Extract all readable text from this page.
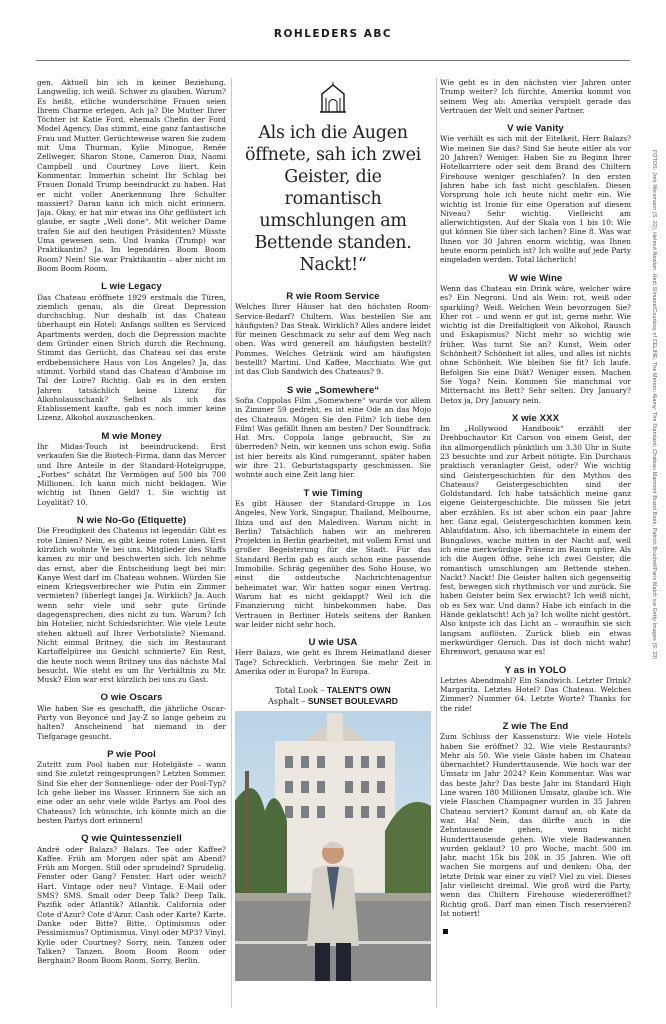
ROHLEDERS ABC

gen. Aktuell bin ich in keiner Beziehung. Langweilig, ich weiß. Schwer zu glauben. Warum? Es heißt, etliche wunderschöne Frauen seien Ihrem Charme erlegen. Ach ja? Die Mutter Ihrer Töchter ist Katie Ford, ehemals Chefin der Ford Model Agency. Das stimmt, eine ganz fantastische Frau und Mutter. Gerüchteweise waren Sie zudem mit Uma Thurman, Kylie Minogue, Renée Zellweger, Sharon Stone, Cameron Diaz, Naomi Campbell und Courtney Love liiert. Kein Kommentar. Immerhin scheint Ihr Schlag bei Frauen Donald Trump beeindruckt zu haben. Hat er nicht voller Anerkennung Ihre Schulter massiert? Daran kann ich mich nicht erinnern. Jaja. Okay, er hat mir etwas ins Ohr geflüstert ich glaube, er sagte „Well done“. Mit welcher Dame trafen Sie auf den heutigen Präsidenten? Müsste Uma gewesen sein. Und Ivanka (Trump) war Praktikantin? Ja. Im legendären Boom Boom Room? Nein! Sie war Praktikantin – aber nicht im Boom Boom Room.

L wie Legacy
Das Chateau eröffnete 1929 erstmals die Türen, ziemlich genau, als die Great Depression durchschlug. Nur deshalb ist das Chateau überhaupt ein Hotel: Anfangs sollten es Serviced Apartments werden, doch die Depression machte dem Gründer einen Strich durch die Rechnung. Stimmt das Gerücht, das Chateau sei das erste erdbebensichere Haus von Los Angeles? Ja, das stimmt. Vorbild stand das Chateau d'Amboise im Tal der Loire? Richtig. Gab es in den ersten Jahren tatsächlich keine Lizenz für Alkoholausschank? Selbst als ich das Etablissement kaufte, gab es noch immer keine Lizenz, Alkohol auszuschenken.
M wie Money
Ihr Midas-Touch ist beeindruckend: Erst verkaufen Sie die Biotech-Firma, dann das Mercer und Ihre Anteile in der Standard-Hotelgruppe, „Forbes“ schätzt Ihr Vermögen auf 500 bis 700 Millionen. Ich kann mich nicht beklagen. Wie wichtig ist Ihnen Geld? 1. Sie wichtig ist Loyalität? 10.
N wie No-Go (Etiquette)
Die Freudigkeit des Chateaus ist legendär: Gibt es rote Linien? Nein, es gibt keine roten Linien. Erst kürzlich wohnte Ye bei uns. Mitglieder des Staffs kamen zu mir und beschwerten sich. Ich nehme das ernst, aber die Entscheidung liegt bei mir: Kanye West darf im Chateau wohnen. Würden Sie einem Kriegsverbrecher wie Putin ein Zimmer vermieten? (überlegt lange) Ja. Wirklich? Ja. Auch wenn sehr viele und sehr gute Gründe dagegensprechen, dies nicht zu tun. Warum? Ich bin Hotelier, nicht Schiedsrichter. Wie viele Leute stehen aktuell auf Ihrer Verbotsliste? Niemand. Nicht einmal Britney, die sich im Restaurant Kartoffelpüree ins Gesicht schmierte? Ein Rest, die heute noch wenn Britney uns das nächste Mal besucht. Wie steht es um Ihr Verhältnis zu Mr. Musk? Elon war erst kürzlich bei uns zu Gast.
O wie Oscars
Wie haben Sie es geschafft, die jährliche Oscar-Party von Beyoncé und Jay-Z so lange geheim zu halten? Anscheinend hat niemand in der Tiefgarage gesucht.
P wie Pool
Zutritt zum Pool haben nur Hotelgäste – wann sind Sie zuletzt reingesprungen? Letzten Sommer. Sind Sie eher der Sonnenliege- oder der Pool-Typ? Ich gehe lieber ins Wasser. Erinnern Sie sich an eine oder an sehr viele wilde Partys am Pool des Chateaus? Ich wünschte, ich könnte mich an die besten Partys dort erinnern!
Q wie Quintessenziell
André oder Balazs? Balazs. Tee oder Kaffee? Kaffee. Früh am Morgen oder spät am Abend? Früh am Morgen. Still oder sprudelnd? Sprudelig. Fenster oder Gang? Fenster. Hart oder weich? Hart. Vintage oder neu? Vintage. E-Mail oder SMS? SMS. Small oder Deep Talk? Deep Talk. Pazifik oder Atlantik? Atlantik. California oder Cote d'Azur? Cote d'Azur. Cash oder Karte? Karte. Danke oder Bitte? Bitte. Optimismus oder Pessimismus? Optimismus. Vinyl oder MP3? Vinyl. Kylie oder Courtney? Sorry, nein. Tanzen oder Talken? Tanzen. Boom Boom Room oder Berghain? Boom Boom Room. Sorry, Berlin.

Als ich die Augen öffnete, sah ich zwei Geister, die romantisch umschlungen am Bettende standen. Nackt!“

R wie Room Service
Welches Ihrer Häuser hat den höchsten Room-Service-Bedarf? Chiltern. Was bestellen Sie am häufigsten? Das Steak. Wirklich? Alles andere leidet für meinen Geschmack zu sehr auf dem Weg nach oben. Was wird generell am häufigsten bestellt? Pommes. Welches Getränk wird am häufigsten bestellt? Martini. Und Kaffee, Macchiato. Wie gut ist das Club Sandwich des Chateaus? 9.
S wie „Somewhere“
Sofia Coppolas Film „Somewhere“ wurde vor allem in Zimmer 59 gedreht, es ist eine Ode an das Mojo des Chateaus. Mögen Sie den Film? Ich liebe den Film! Was gefällt Ihnen am besten? Der Soundtrack. Hat Mrs. Coppola lange gebraucht, Sie zu überreden? Nein, wir kennen uns schon ewig. Sofia ist hier bereits als Kind rumgerannt, später haben wir ihre 21. Geburtstagsparty geschmissen. Sie wohnte auch eine Zeit lang hier.
T wie Timing
Es gibt Häuser der Standard-Gruppe in Los Angeles, New York, Singapur, Thailand, Melbourne, Ibiza und auf den Malediven. Warum nicht in Berlin? Tatsächlich haben wir an mehreren Projekten in Berlin gearbeitet, mit vollem Ernst und großer Begeisterung für die Stadt. Für das Standard Berlin gab es auch schon eine passende Immobilie. Schräg gegenüber des Soho House, wo einst die ostdeutsche Nachrichtenagentur beheimatet war. Wir hatten sogar einen Vertrag. Warum hat es nicht geklappt? Weil ich die Finanzierung nicht hinbekommen habe. Das Vertrauen in Berliner Hotels seitens der Banken war leider nicht sehr hoch.
U wie USA
Herr Balazs, wie geht es Ihrem Heimatland dieser Tage? Schrecklich. Verbringen Sie mehr Zeit in Amerika oder in Europa? In Europa.
Total Look – TALENT'S OWN
Asphalt – SUNSET BOULEVARD

Wie geht es in den nächsten vier Jahren unter Trump weiter? Ich fürchte, Amerika kommt von seinem Weg ab: Amerika verspielt gerade das Vertrauen der Welt und seiner Partner.

V wie Vanity
Wie verhält es sich mit der Eitelkeit, Herr Balazs? Wie meinen Sie das? Sind Sie heute eitler als vor 20 Jahren? Weniger. Haben Sie zu Beginn Ihrer Hotelkarriere oder seit dem Brand des Chiltern Firehouse weniger geschlafen? In den ersten Jahren habe ich fast nicht geschlafen. Diesen Vorsprung hole ich heute nicht mehr ein. Wie wichtig ist Ironie für eine Operation auf diesem Niveau? Sehr wichtig. Vielleicht am allerwichtigsten. Auf der Skala von 1 bis 10: Wie gut können Sie über sich lachen? Eine 8. Was war Ihnen vor 30 Jahren enorm wichtig, was Ihnen heute enorm peinlich ist? Ich wollte auf jede Party eingeladen werden. Total lächerlich!
W wie Wine
Wenn das Chateau ein Drink wäre, welcher wäre es? Ein Negroni. Und als Wein: rot, weiß oder sparkling? Weiß. Welchen Wein bevorzugen Sie? Eher rot – und wenn er gut ist, gerne mehr. Wie wichtig ist die Dreifaltigkeit von Alkohol, Rausch und Eskapismus? Nicht mehr so wichtig wie früher. Was turnt Sie an? Kunst, Wein oder Schönheit? Schönheit ist alles, und alles ist nichts ohne Schönheit. Wie bleiben Sie fit? Ich laufe. Befolgen Sie eine Diät? Weniger essen. Machen Sie Yoga? Nein. Kommen Sie manchmal vor Mitternacht ins Bett? Sehr selten. Dry January? Detox ja, Dry January nein.
X wie XXX
Im „Hollywood Handbook“ erzählt der Drehbuchautor Kit Carson von einem Geist, der ihn allmorgendlich pünktlich um 3.30 Uhr in Suite 23 besuchte und zur Arbeit nötigte. Ein Durchaus praktisch veranlagter Geist, oder? Wie wichtig sind Geistergeschichten für den Mythos des Chateaus? Geistergeschichten sind der Goldstandard. Ich habe tatsächlich meine ganz eigene Geistergeschichte. Die müssen Sie jetzt aber erzählen. Es ist aber schon ein paar Jahre her. Ganz egal, Geistergeschichten kommen kein Ablaufdatum. Also, ich übernachtete in einem der Bungalows, wache mitten in der Nacht auf, weil ich eine merkwürdige Präsenz im Raum spüre. Als ich die Augen öffne, sehe ich zwei Geister, die romantisch umschlungen am Bettende stehen. Nackt? Nackt! Die Geister halten sich gegenseitig fest, bewegen sich rhythmisch vor und zurück. Sie haben Geister beim Sex erwischt? Ich weiß nicht, ob es Sex war. Und dann? Habe ich einfach in die Hände geklatscht! Ach ja? Ich wollte nicht gestört. Also knipste ich das Licht an – woraufhin sie sich langsam auflösten. Zurück blieb ein etwas merkwürdiger Geruch. Das ist doch nicht wahr! Ehrenwort, genauso war es!
Y as in YOLO
Letztes Abendmahl? Ein Sandwich. Letzter Drink? Margarita. Letztes Hotel? Das Chateau. Welches Zimmer? Nummer 64. Letzte Worte? Thanks for the ride!
Z wie The End
Zum Schluss der Kassensturz: Wie viele Hotels haben Sie eröffnet? 32. Wie viele Restaurants? Mehr als 50. Wie viele Gäste haben im Chateau übernachtet? Hunderttausende. Wie hoch war der Umsatz im Jahr 2024? Kein Kommentar. Was war das beste Jahr? Das beste Jahr im Standard High Line waren 180 Millionen Umsatz, glaube ich. Wie viele Flaschen Champagner wurden in 35 Jahren Chateau serviert? Kommt darauf an, ob Kate da war. Ha! Nein, das dürfte auch in die Zehntausende gehen, wenn nicht Hunderttausende gehen. Wie viele Badewannen wurden geklaut? 10 pro Woche, macht 500 im Jahr, macht 15k bis 20K in 35 Jahren. Wie oft wachen Sie morgens auf und denken: Oha, der letzte Drink war einer zu viel? Viel zu viel. Dieses Jahr vielleicht dreimal. Wie groß wird die Party, wenn das Chiltern Firehouse wiedereröffnet? Richtig groß. Darf man einen Tisch reservieren? Ist notiert!
FOTOS: Jork Weismann (S. 22); Helmut Newton, Hedi Slimane/Courtesy of CELINE; The Mercer; Alamy; The Standard; Chateau Marmont Brand Book; Patrick Bruchet/Paris Match via Getty Images (S. 23)
